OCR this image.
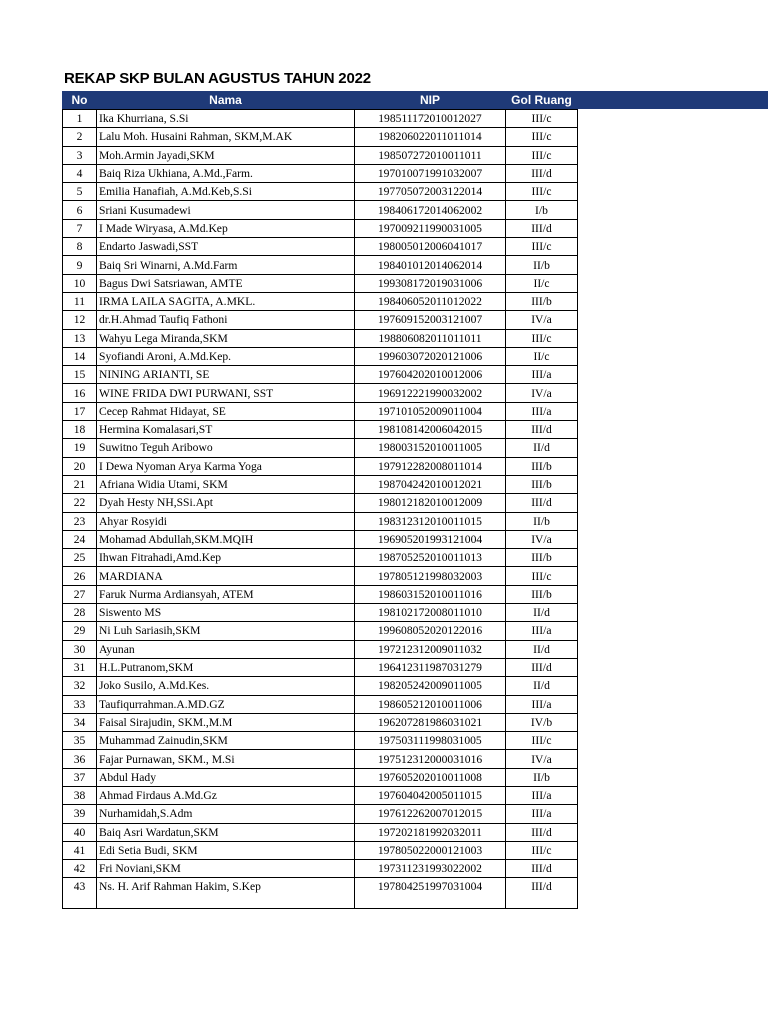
REKAP SKP BULAN AGUSTUS TAHUN 2022
No	Nama	NIP	Gol Ruang
1	Ika Khurriana, S.Si	198511172010012027	III/c
2	Lalu Moh. Husaini Rahman, SKM,M.AK	198206022011011014	III/c
3	Moh.Armin Jayadi,SKM	198507272010011011	III/c
4	Baiq Riza Ukhiana, A.Md.,Farm.	197010071991032007	III/d
5	Emilia Hanafiah, A.Md.Keb,S.Si	197705072003122014	III/c
6	Sriani Kusumadewi	198406172014062002	I/b
7	I Made Wiryasa, A.Md.Kep	197009211990031005	III/d
8	Endarto Jaswadi,SST	198005012006041017	III/c
9	Baiq Sri Winarni, A.Md.Farm	198401012014062014	II/b
10	Bagus Dwi Satsriawan, AMTE	199308172019031006	II/c
11	IRMA LAILA SAGITA, A.MKL.	198406052011012022	III/b
12	dr.H.Ahmad Taufiq Fathoni	197609152003121007	IV/a
13	Wahyu Lega Miranda,SKM	198806082011011011	III/c
14	Syofiandi Aroni, A.Md.Kep.	199603072020121006	II/c
15	NINING ARIANTI, SE	197604202010012006	III/a
16	WINE FRIDA DWI PURWANI, SST	196912221990032002	IV/a
17	Cecep Rahmat Hidayat, SE	197101052009011004	III/a
18	Hermina Komalasari,ST	198108142006042015	III/d
19	Suwitno Teguh Aribowo	198003152010011005	II/d
20	I Dewa Nyoman Arya Karma Yoga	197912282008011014	III/b
21	Afriana Widia Utami, SKM	198704242010012021	III/b
22	Dyah Hesty NH,SSi.Apt	198012182010012009	III/d
23	Ahyar Rosyidi	198312312010011015	II/b
24	Mohamad Abdullah,SKM.MQIH	196905201993121004	IV/a
25	Ihwan Fitrahadi,Amd.Kep	198705252010011013	III/b
26	MARDIANA	197805121998032003	III/c
27	Faruk Nurma Ardiansyah, ATEM	198603152010011016	III/b
28	Siswento MS	198102172008011010	II/d
29	Ni Luh Sariasih,SKM	199608052020122016	III/a
30	Ayunan	197212312009011032	II/d
31	H.L.Putranom,SKM	196412311987031279	III/d
32	Joko Susilo, A.Md.Kes.	198205242009011005	II/d
33	Taufiqurrahman.A.MD.GZ	198605212010011006	III/a
34	Faisal Sirajudin, SKM.,M.M	196207281986031021	IV/b
35	Muhammad Zainudin,SKM	197503111998031005	III/c
36	Fajar Purnawan, SKM., M.Si	197512312000031016	IV/a
37	Abdul Hady	197605202010011008	II/b
38	Ahmad Firdaus A.Md.Gz	197604042005011015	III/a
39	Nurhamidah,S.Adm	197612262007012015	III/a
40	Baiq Asri Wardatun,SKM	197202181992032011	III/d
41	Edi Setia Budi, SKM	197805022000121003	III/c
42	Fri Noviani,SKM	197311231993022002	III/d
43	Ns. H. Arif Rahman Hakim, S.Kep	197804251997031004	III/d
